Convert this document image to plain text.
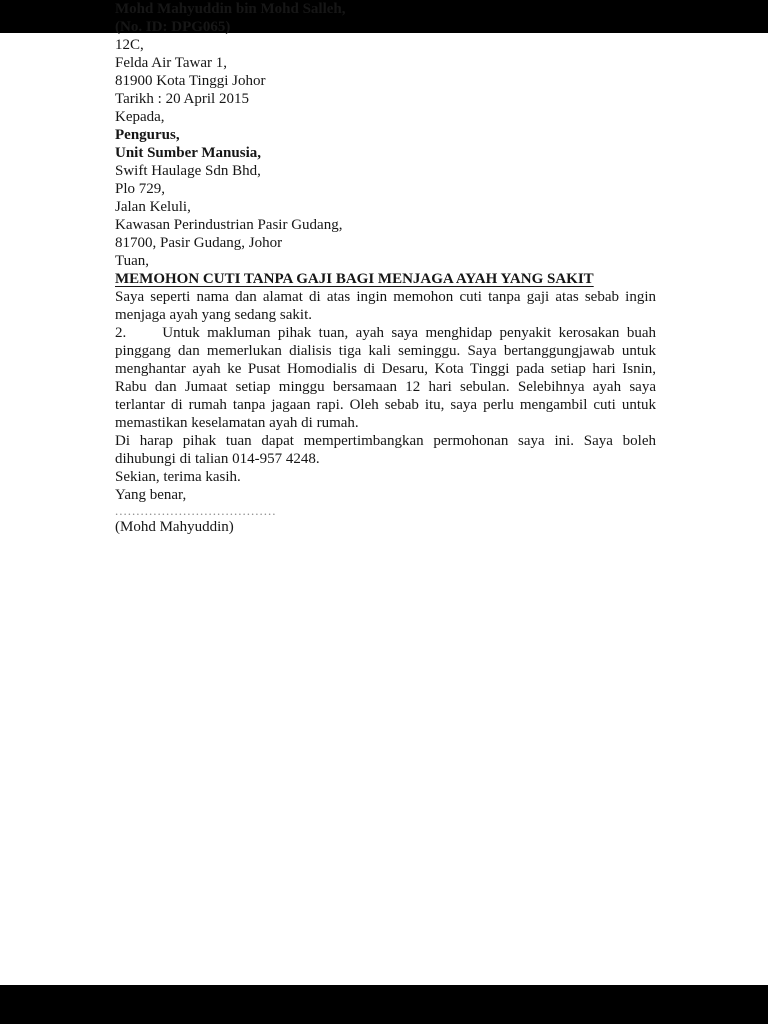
Mohd Mahyuddin bin Mohd Salleh,
(No. ID: DPG065)
12C,
Felda Air Tawar 1,
81900 Kota Tinggi Johor
Tarikh : 20 April 2015
Kepada,
Pengurus,
Unit Sumber Manusia,
Swift Haulage Sdn Bhd,
Plo 729,
Jalan Keluli,
Kawasan Perindustrian Pasir Gudang,
81700, Pasir Gudang, Johor
Tuan,
MEMOHON CUTI TANPA GAJI BAGI MENJAGA AYAH YANG SAKIT

Saya seperti nama dan alamat di atas ingin memohon cuti tanpa gaji atas sebab ingin menjaga ayah yang sedang sakit.

2. Untuk makluman pihak tuan, ayah saya menghidap penyakit kerosakan buah pinggang dan memerlukan dialisis tiga kali seminggu. Saya bertanggungjawab untuk menghantar ayah ke Pusat Homodialis di Desaru, Kota Tinggi pada setiap hari Isnin, Rabu dan Jumaat setiap minggu bersamaan 12 hari sebulan. Selebihnya ayah saya terlantar di rumah tanpa jagaan rapi. Oleh sebab itu, saya perlu mengambil cuti untuk memastikan keselamatan ayah di rumah.

Di harap pihak tuan dapat mempertimbangkan permohonan saya ini. Saya boleh dihubungi di talian 014-957 4248.

Sekian, terima kasih.
Yang benar,
......................................
(Mohd Mahyuddin)
